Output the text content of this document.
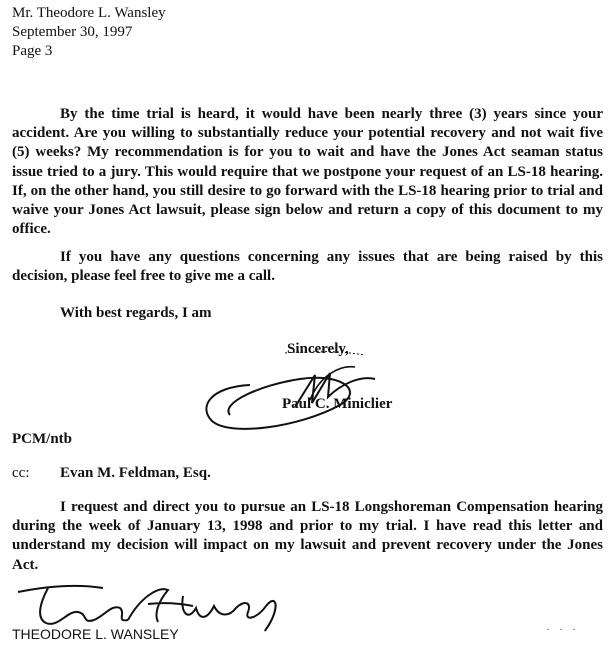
Mr. Theodore L. Wansley
September 30, 1997
Page 3

By the time trial is heard, it would have been nearly three (3) years since your accident. Are you willing to substantially reduce your potential recovery and not wait five (5) weeks? My recommendation is for you to wait and have the Jones Act seaman status issue tried to a jury. This would require that we postpone your request of an LS-18 hearing. If, on the other hand, you still desire to go forward with the LS-18 hearing prior to trial and waive your Jones Act lawsuit, please sign below and return a copy of this document to my office.

If you have any questions concerning any issues that are being raised by this decision, please feel free to give me a call.

With best regards, I am
Sincerely,
Paul C. Miniclier
PCM/ntb
cc: Evan M. Feldman, Esq.

I request and direct you to pursue an LS-18 Longshoreman Compensation hearing during the week of January 13, 1998 and prior to my trial. I have read this letter and understand my decision will impact on my lawsuit and prevent recovery under the Jones Act.

THEODORE L. WANSLEY	· · ·
